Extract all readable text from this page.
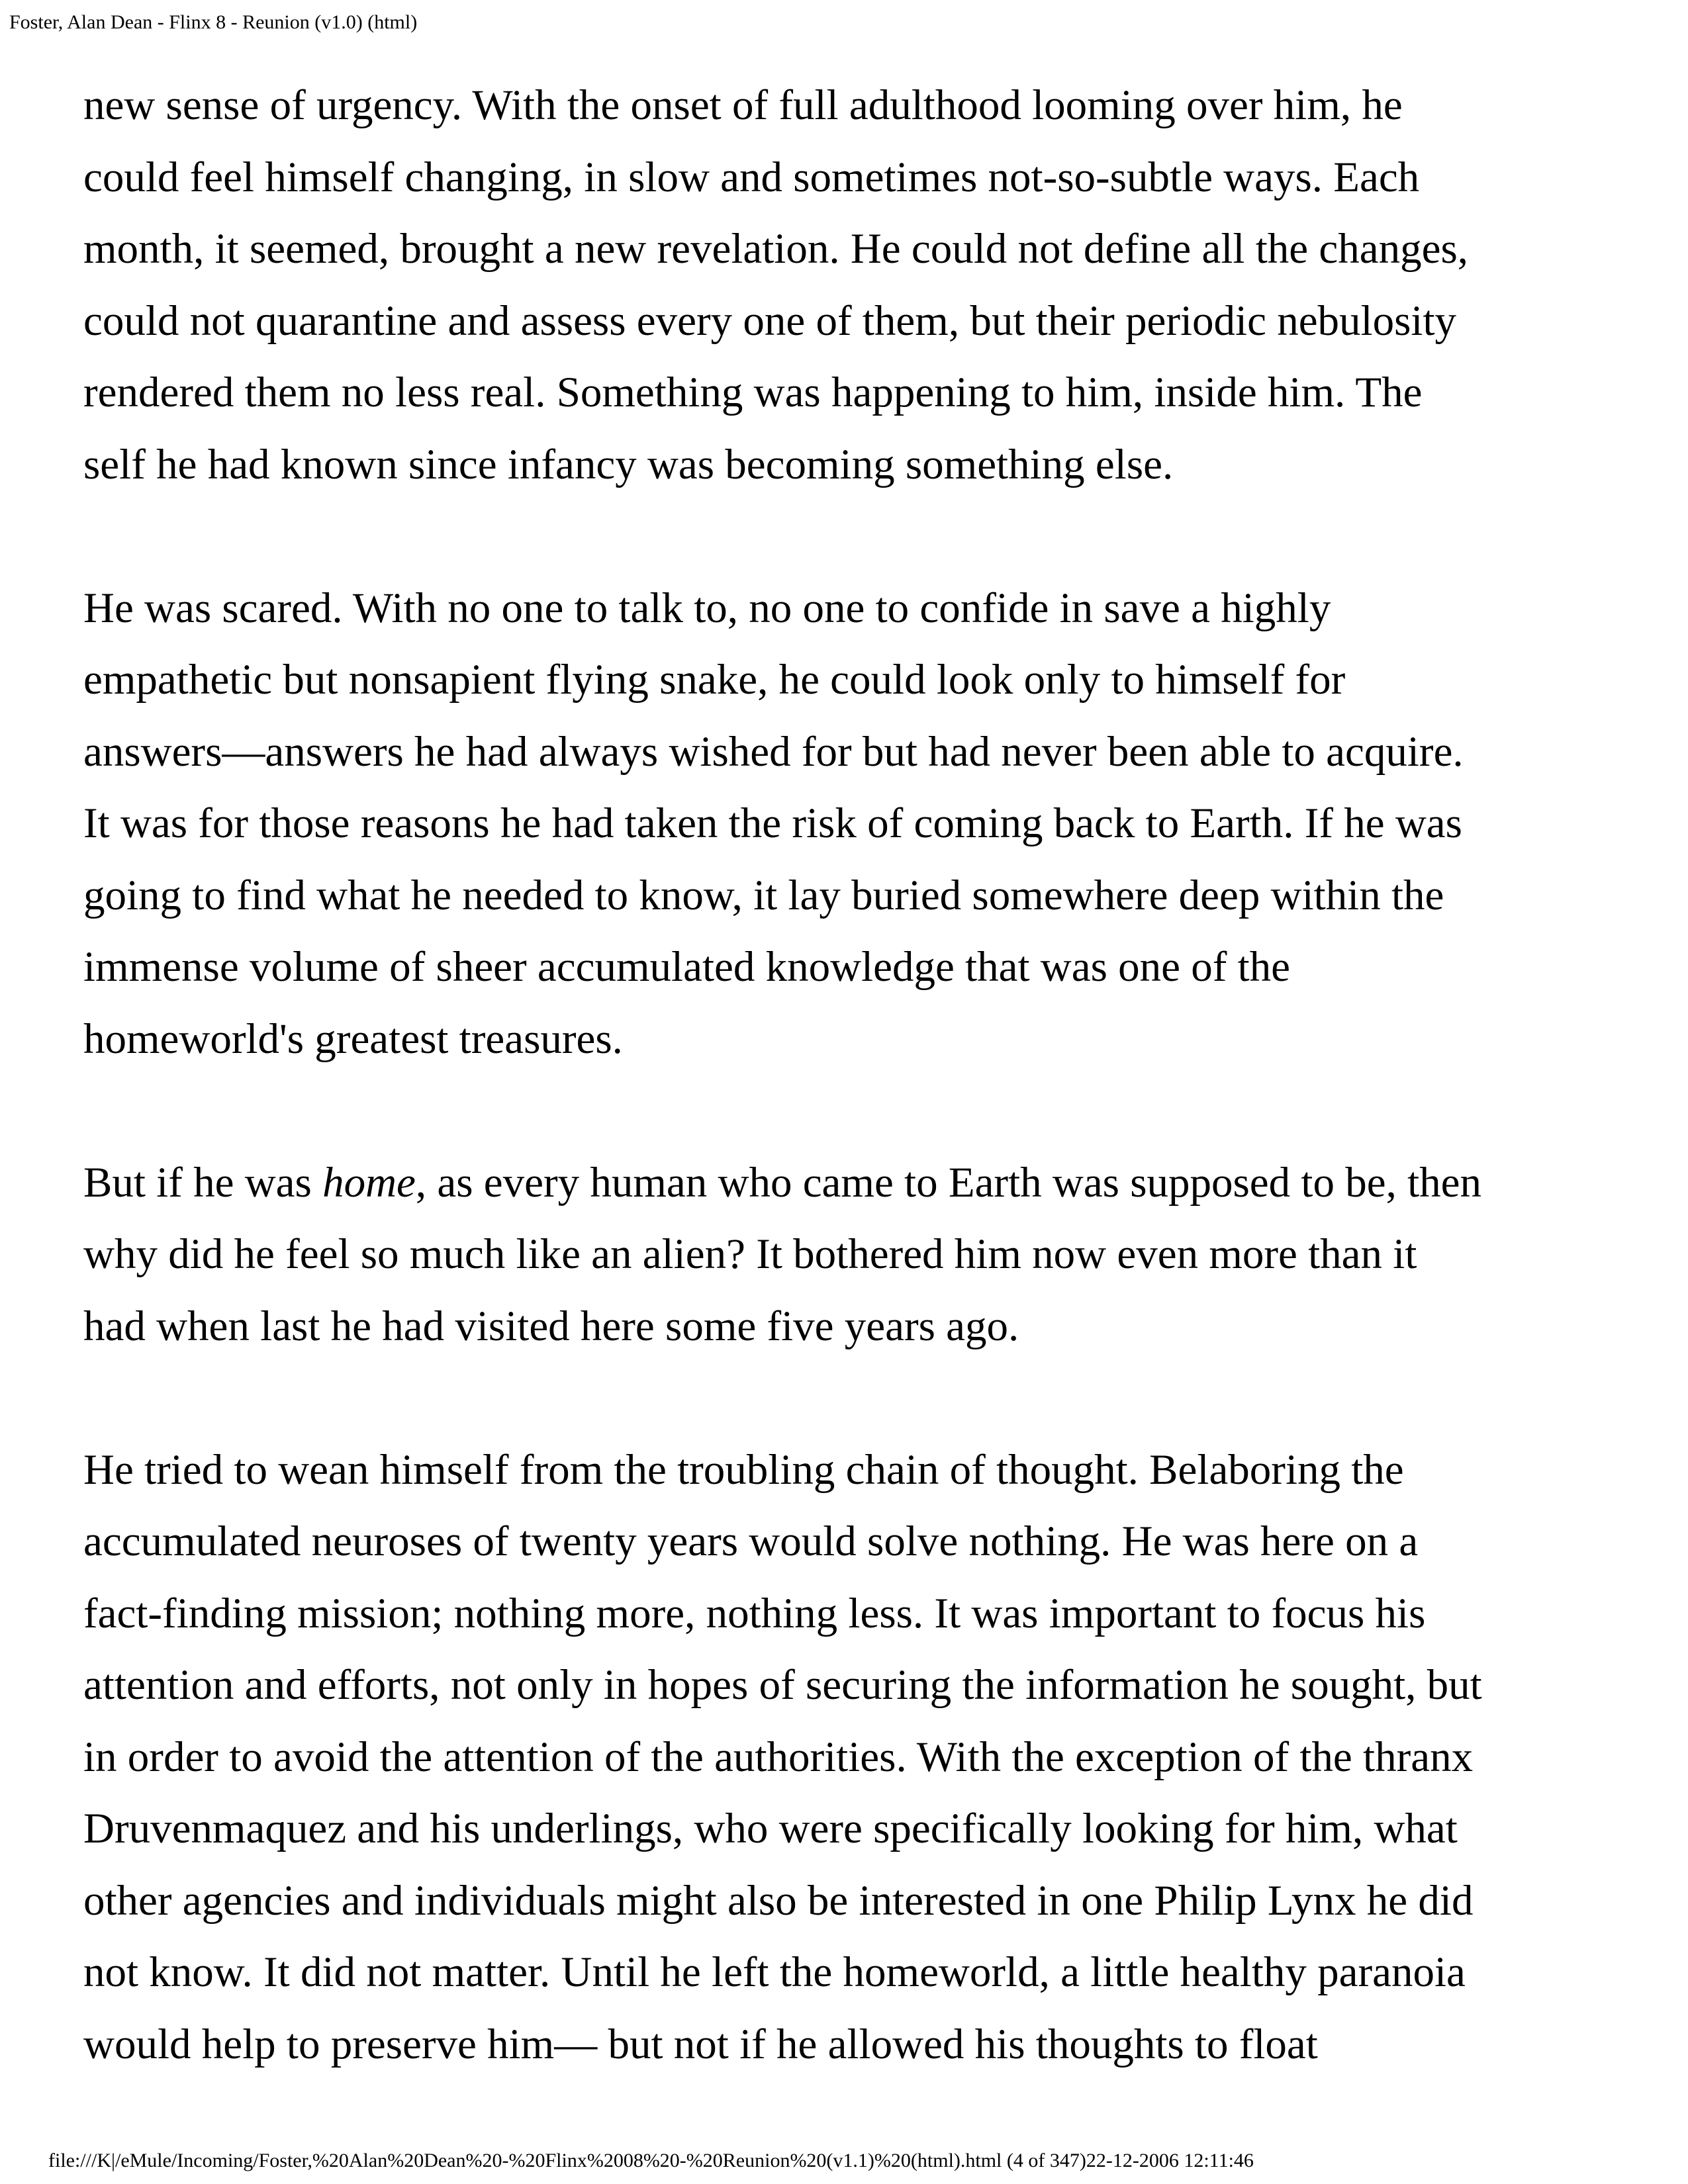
Foster, Alan Dean - Flinx 8 - Reunion (v1.0) (html)

new sense of urgency. With the onset of full adulthood looming over him, he
could feel himself changing, in slow and sometimes not-so-subtle ways. Each
month, it seemed, brought a new revelation. He could not define all the changes,
could not quarantine and assess every one of them, but their periodic nebulosity
rendered them no less real. Something was happening to him, inside him. The
self he had known since infancy was becoming something else.

He was scared. With no one to talk to, no one to confide in save a highly
empathetic but nonsapient flying snake, he could look only to himself for
answers—answers he had always wished for but had never been able to acquire.
It was for those reasons he had taken the risk of coming back to Earth. If he was
going to find what he needed to know, it lay buried somewhere deep within the
immense volume of sheer accumulated knowledge that was one of the
homeworld's greatest treasures.

But if he was home, as every human who came to Earth was supposed to be, then
why did he feel so much like an alien? It bothered him now even more than it
had when last he had visited here some five years ago.

He tried to wean himself from the troubling chain of thought. Belaboring the
accumulated neuroses of twenty years would solve nothing. He was here on a
fact-finding mission; nothing more, nothing less. It was important to focus his
attention and efforts, not only in hopes of securing the information he sought, but
in order to avoid the attention of the authorities. With the exception of the thranx
Druvenmaquez and his underlings, who were specifically looking for him, what
other agencies and individuals might also be interested in one Philip Lynx he did
not know. It did not matter. Until he left the homeworld, a little healthy paranoia
would help to preserve him— but not if he allowed his thoughts to float

file:///K|/eMule/Incoming/Foster,%20Alan%20Dean%20-%20Flinx%2008%20-%20Reunion%20(v1.1)%20(html).html (4 of 347)22-12-2006 12:11:46
